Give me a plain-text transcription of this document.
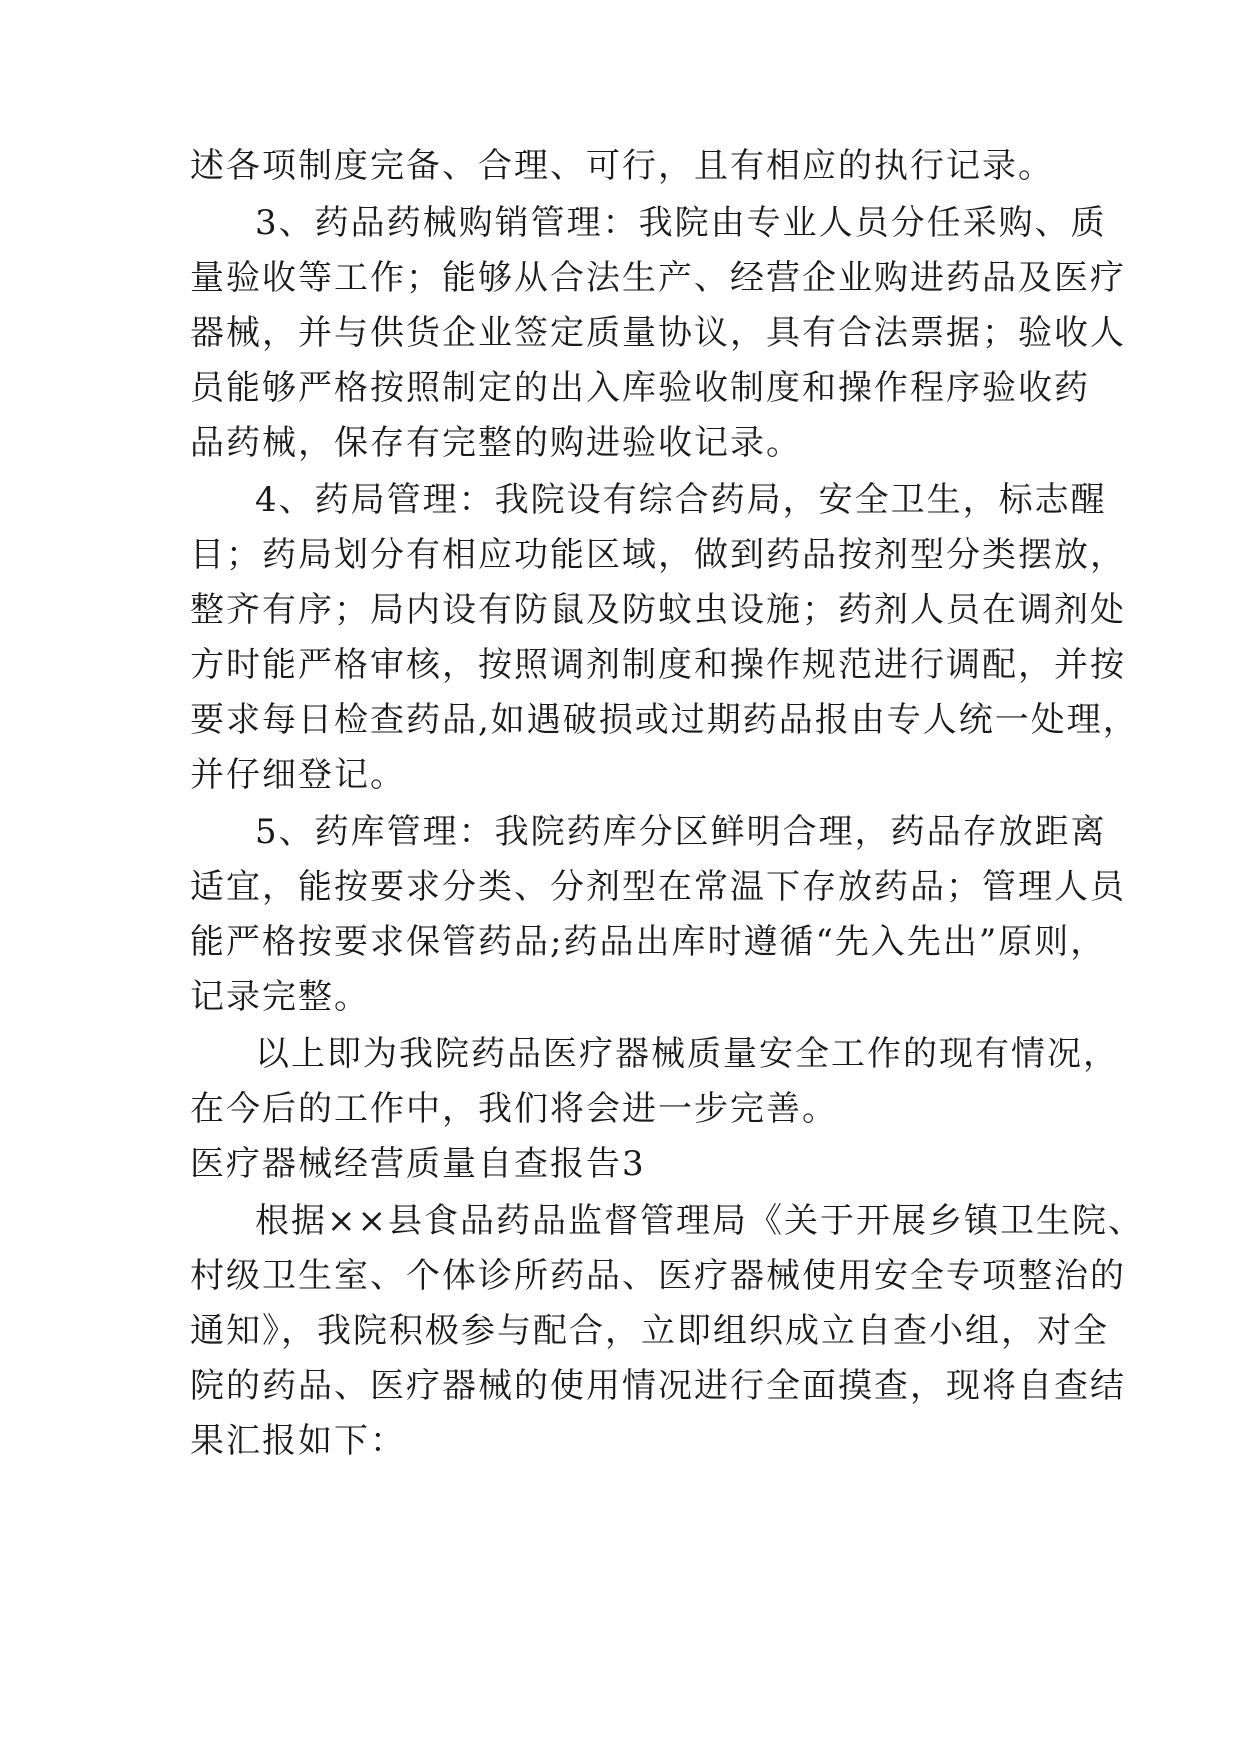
述各项制度完备、合理、可行，且有相应的执行记录。
3、药品药械购销管理：我院由专业人员分任采购、质
量验收等工作；能够从合法生产、经营企业购进药品及医疗
器械，并与供货企业签定质量协议，具有合法票据；验收人
员能够严格按照制定的出入库验收制度和操作程序验收药
品药械，保存有完整的购进验收记录。
4、药局管理：我院设有综合药局，安全卫生，标志醒
目；药局划分有相应功能区域，做到药品按剂型分类摆放，
整齐有序；局内设有防鼠及防蚊虫设施；药剂人员在调剂处
方时能严格审核，按照调剂制度和操作规范进行调配，并按
要求每日检查药品,如遇破损或过期药品报由专人统一处理，
并仔细登记。
5、药库管理：我院药库分区鲜明合理，药品存放距离
适宜，能按要求分类、分剂型在常温下存放药品；管理人员
能严格按要求保管药品;药品出库时遵循“先入先出”原则，
记录完整。
以上即为我院药品医疗器械质量安全工作的现有情况，
在今后的工作中，我们将会进一步完善。
医疗器械经营质量自查报告3
根据××县食品药品监督管理局《关于开展乡镇卫生院、
村级卫生室、个体诊所药品、医疗器械使用安全专项整治的
通知》，我院积极参与配合，立即组织成立自查小组，对全
院的药品、医疗器械的使用情况进行全面摸查，现将自查结
果汇报如下：
